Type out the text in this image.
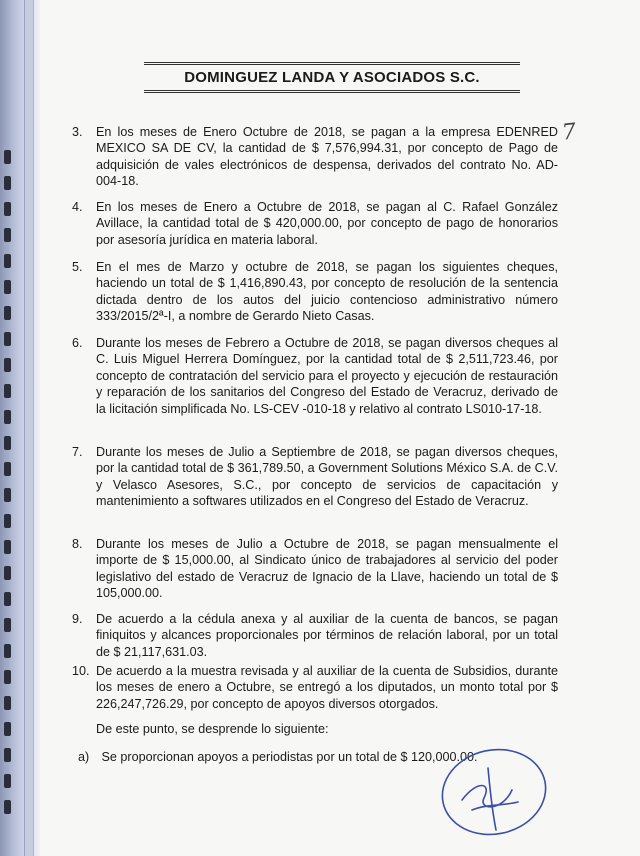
DOMINGUEZ LANDA Y ASOCIADOS S.C.
7
3.	En los meses de Enero Octubre de 2018, se pagan a la empresa EDENRED MEXICO SA DE CV, la cantidad de $ 7,576,994.31, por concepto de Pago de adquisición de vales electrónicos de despensa, derivados del contrato No. AD-004-18.
4.	En los meses de Enero a Octubre de 2018, se pagan al C. Rafael González Avillace, la cantidad total de $ 420,000.00, por concepto de pago de honorarios por asesoría jurídica en materia laboral.
5.	En el mes de Marzo y octubre de 2018, se pagan los siguientes cheques, haciendo un total de $ 1,416,890.43, por concepto de resolución de la sentencia dictada dentro de los autos del juicio contencioso administrativo número 333/2015/2ª-I, a nombre de Gerardo Nieto Casas.
6.	Durante los meses de Febrero a Octubre de 2018, se pagan diversos cheques al C. Luis Miguel Herrera Domínguez, por la cantidad total de $ 2,511,723.46, por concepto de contratación del servicio para el proyecto y ejecución de restauración y reparación de los sanitarios del Congreso del Estado de Veracruz, derivado de la licitación simplificada No. LS-CEV -010-18 y relativo al contrato LS010-17-18.
7.	Durante los meses de Julio a Septiembre de 2018, se pagan diversos cheques, por la cantidad total de $ 361,789.50, a Government Solutions México S.A. de C.V. y Velasco Asesores, S.C., por concepto de servicios de capacitación y mantenimiento a softwares utilizados en el Congreso del Estado de Veracruz.
8.	Durante los meses de Julio a Octubre de 2018, se pagan mensualmente el importe de $ 15,000.00, al Sindicato único de trabajadores al servicio del poder legislativo del estado de Veracruz de Ignacio de la Llave, haciendo un total de $ 105,000.00.
9.	De acuerdo a la cédula anexa y al auxiliar de la cuenta de bancos, se pagan finiquitos y alcances proporcionales por términos de relación laboral, por un total de $ 21,117,631.03.
10. De acuerdo a la muestra revisada y al auxiliar de la cuenta de Subsidios, durante los meses de enero a Octubre, se entregó a los diputados, un monto total por $ 226,247,726.29, por concepto de apoyos diversos otorgados.
De este punto, se desprende lo siguiente:
a) Se proporcionan apoyos a periodistas por un total de $ 120,000.00.
